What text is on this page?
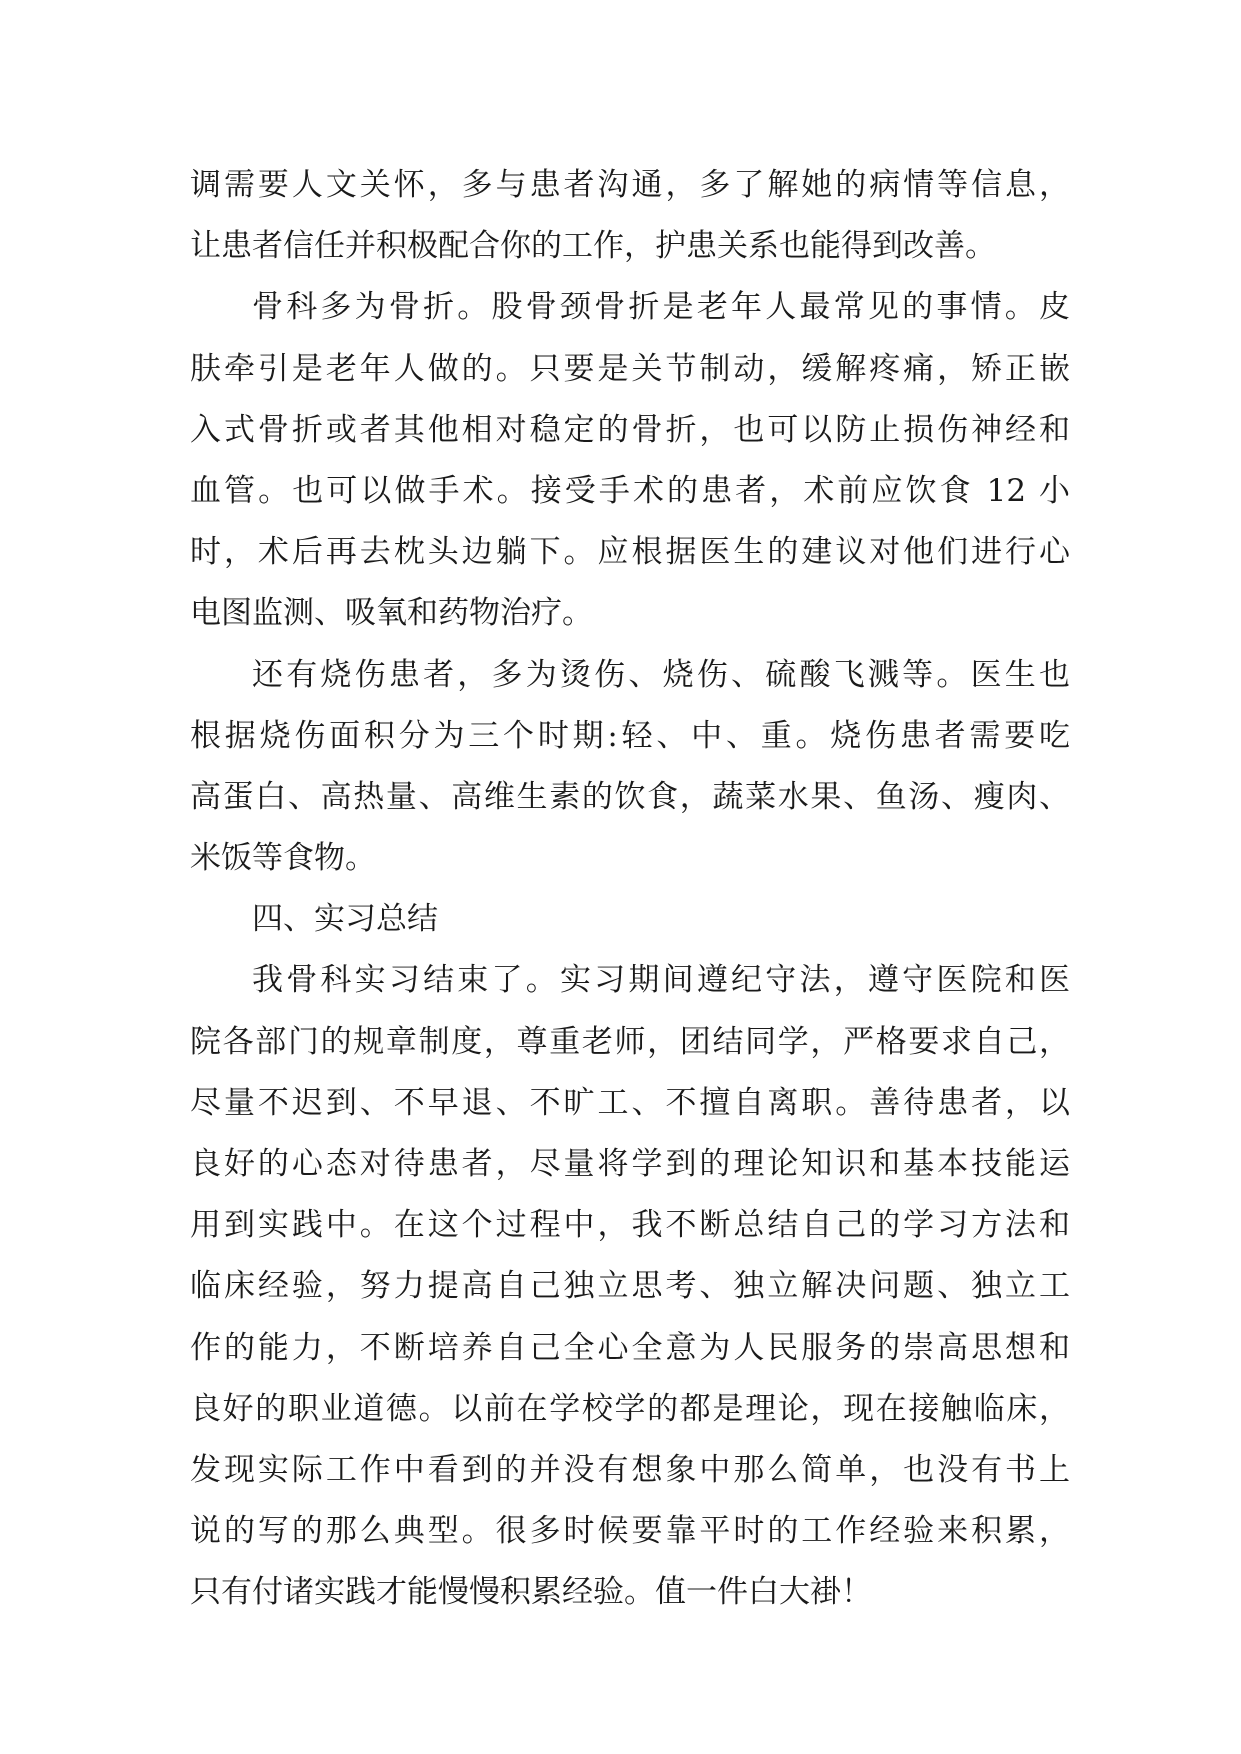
调需要人文关怀，多与患者沟通，多了解她的病情等信息，
让患者信任并积极配合你的工作，护患关系也能得到改善。
骨科多为骨折。股骨颈骨折是老年人最常见的事情。皮
肤牵引是老年人做的。只要是关节制动，缓解疼痛，矫正嵌
入式骨折或者其他相对稳定的骨折，也可以防止损伤神经和
血管。也可以做手术。接受手术的患者，术前应饮食 12 小
时，术后再去枕头边躺下。应根据医生的建议对他们进行心
电图监测、吸氧和药物治疗。
还有烧伤患者，多为烫伤、烧伤、硫酸飞溅等。医生也
根据烧伤面积分为三个时期:轻、中、重。烧伤患者需要吃
高蛋白、高热量、高维生素的饮食，蔬菜水果、鱼汤、瘦肉、
米饭等食物。
四、实习总结
我骨科实习结束了。实习期间遵纪守法，遵守医院和医
院各部门的规章制度，尊重老师，团结同学，严格要求自己，
尽量不迟到、不早退、不旷工、不擅自离职。善待患者，以
良好的心态对待患者，尽量将学到的理论知识和基本技能运
用到实践中。在这个过程中，我不断总结自己的学习方法和
临床经验，努力提高自己独立思考、独立解决问题、独立工
作的能力，不断培养自己全心全意为人民服务的崇高思想和
良好的职业道德。以前在学校学的都是理论，现在接触临床，
发现实际工作中看到的并没有想象中那么简单，也没有书上
说的写的那么典型。很多时候要靠平时的工作经验来积累，
只有付诸实践才能慢慢积累经验。值一件白大褂！
